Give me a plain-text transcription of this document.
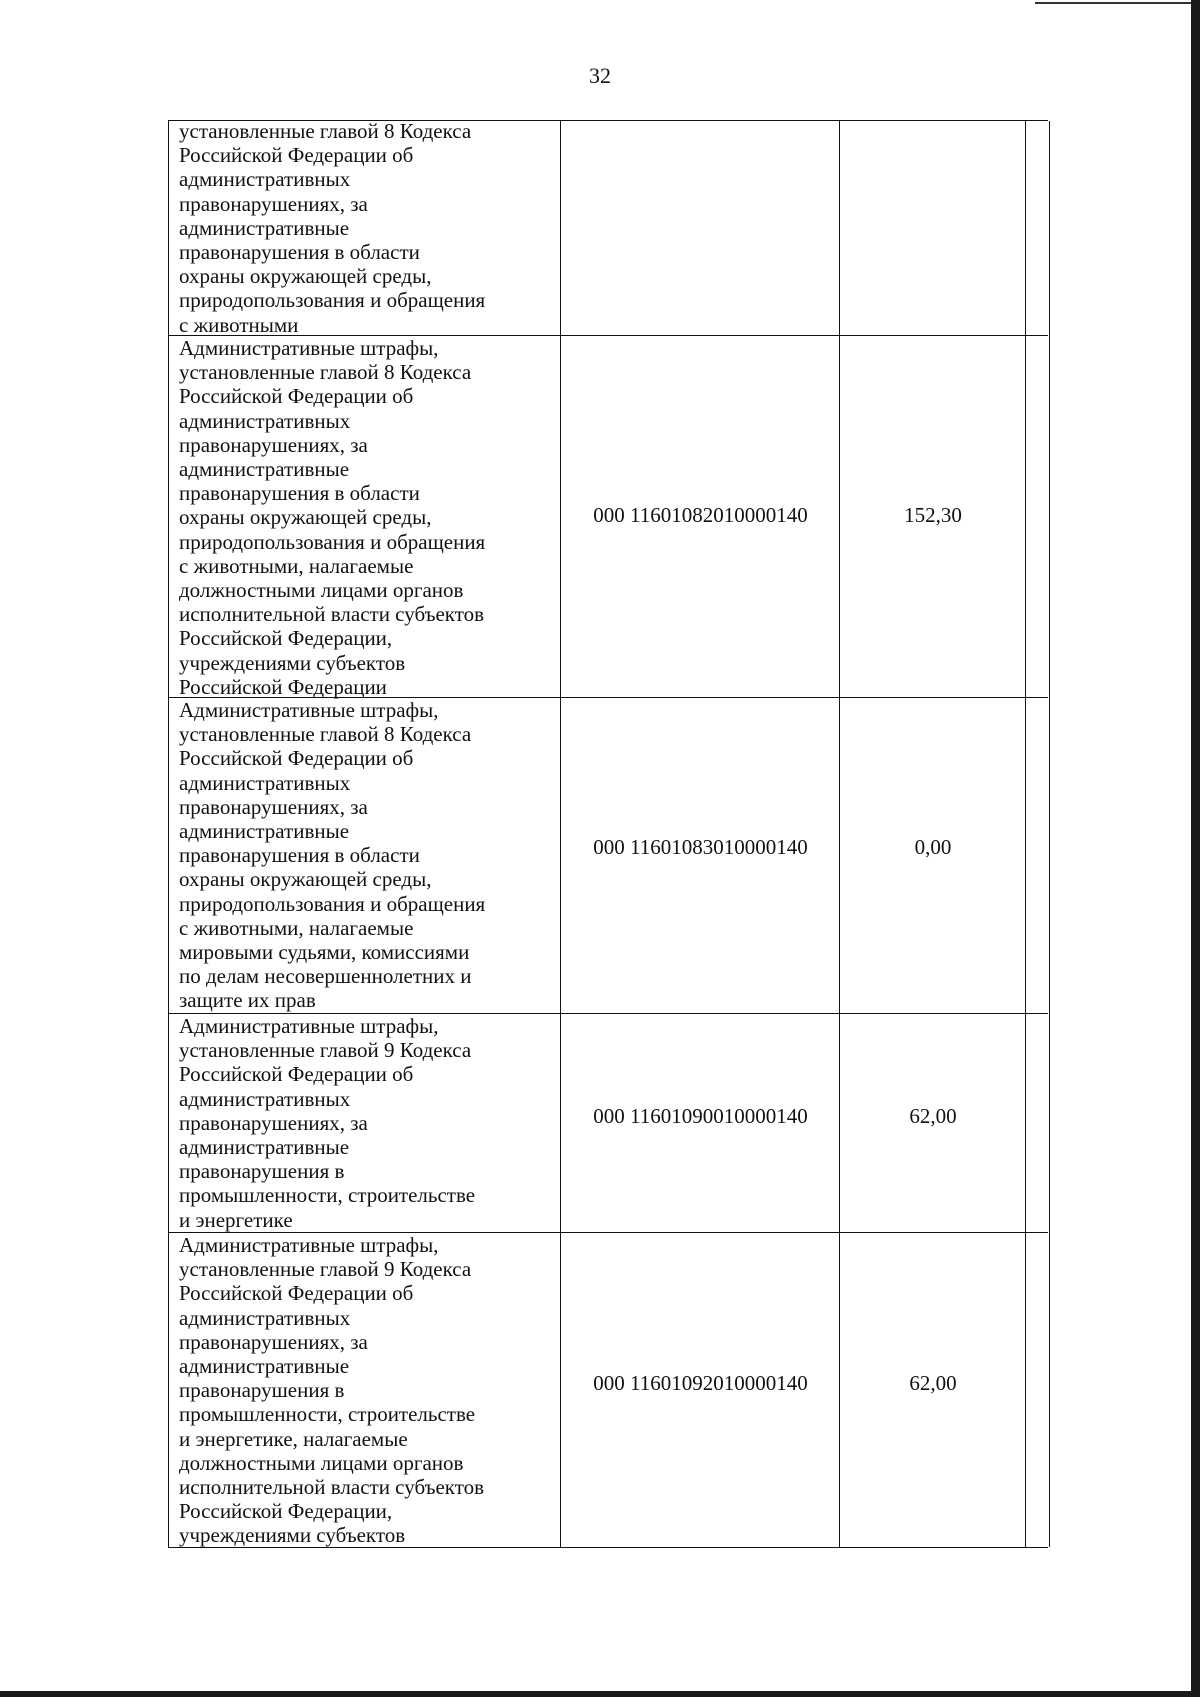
32
установленные главой 8 Кодекса
Российской Федерации об
административных
правонарушениях, за
административные
правонарушения в области
охраны окружающей среды,
природопользования и обращения
с животными
Административные штрафы,
установленные главой 8 Кодекса
Российской Федерации об
административных
правонарушениях, за
административные
правонарушения в области
охраны окружающей среды,
природопользования и обращения
с животными, налагаемые
должностными лицами органов
исполнительной власти субъектов
Российской Федерации,
учреждениями субъектов
Российской Федерации
000 11601082010000140	152,30
Административные штрафы,
установленные главой 8 Кодекса
Российской Федерации об
административных
правонарушениях, за
административные
правонарушения в области
охраны окружающей среды,
природопользования и обращения
с животными, налагаемые
мировыми судьями, комиссиями
по делам несовершеннолетних и
защите их прав
000 11601083010000140	0,00
Административные штрафы,
установленные главой 9 Кодекса
Российской Федерации об
административных
правонарушениях, за
административные
правонарушения в
промышленности, строительстве
и энергетике
000 11601090010000140	62,00
Административные штрафы,
установленные главой 9 Кодекса
Российской Федерации об
административных
правонарушениях, за
административные
правонарушения в
промышленности, строительстве
и энергетике, налагаемые
должностными лицами органов
исполнительной власти субъектов
Российской Федерации,
учреждениями субъектов
000 11601092010000140	62,00
